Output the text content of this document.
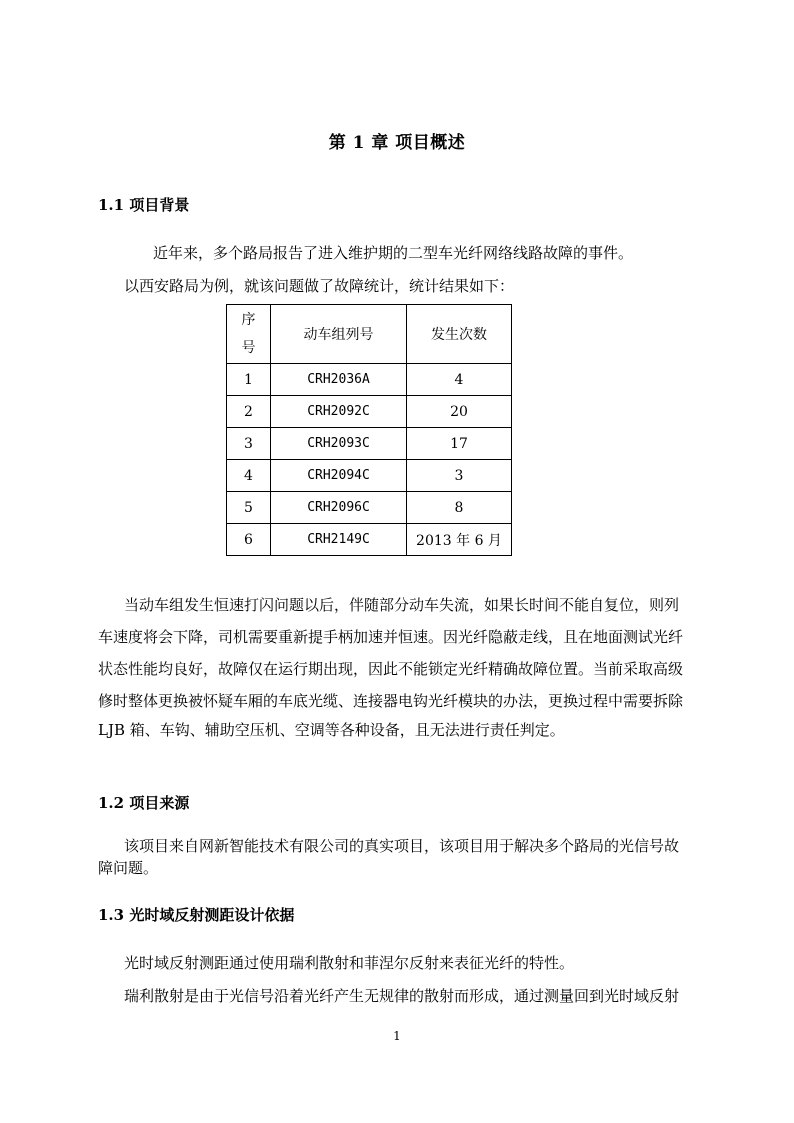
第 1 章 项目概述
1.1 项目背景
近年来，多个路局报告了进入维护期的二型车光纤网络线路故障的事件。
以西安路局为例，就该问题做了故障统计，统计结果如下：
序
号	动车组列号	发生次数
1	CRH2036A	4
2	CRH2092C	20
3	CRH2093C	17
4	CRH2094C	3
5	CRH2096C	8
6	CRH2149C	2013 年 6 月
当动车组发生恒速打闪问题以后，伴随部分动车失流，如果长时间不能自复位，则列
车速度将会下降，司机需要重新提手柄加速并恒速。因光纤隐蔽走线，且在地面测试光纤
状态性能均良好，故障仅在运行期出现，因此不能锁定光纤精确故障位置。当前采取高级
修时整体更换被怀疑车厢的车底光缆、连接器电钩光纤模块的办法，更换过程中需要拆除
LJB 箱、车钩、辅助空压机、空调等各种设备，且无法进行责任判定。
1.2 项目来源
该项目来自网新智能技术有限公司的真实项目，该项目用于解决多个路局的光信号故
障问题。
1.3 光时域反射测距设计依据
光时域反射测距通过使用瑞利散射和菲涅尔反射来表征光纤的特性。
瑞利散射是由于光信号沿着光纤产生无规律的散射而形成，通过测量回到光时域反射
1
